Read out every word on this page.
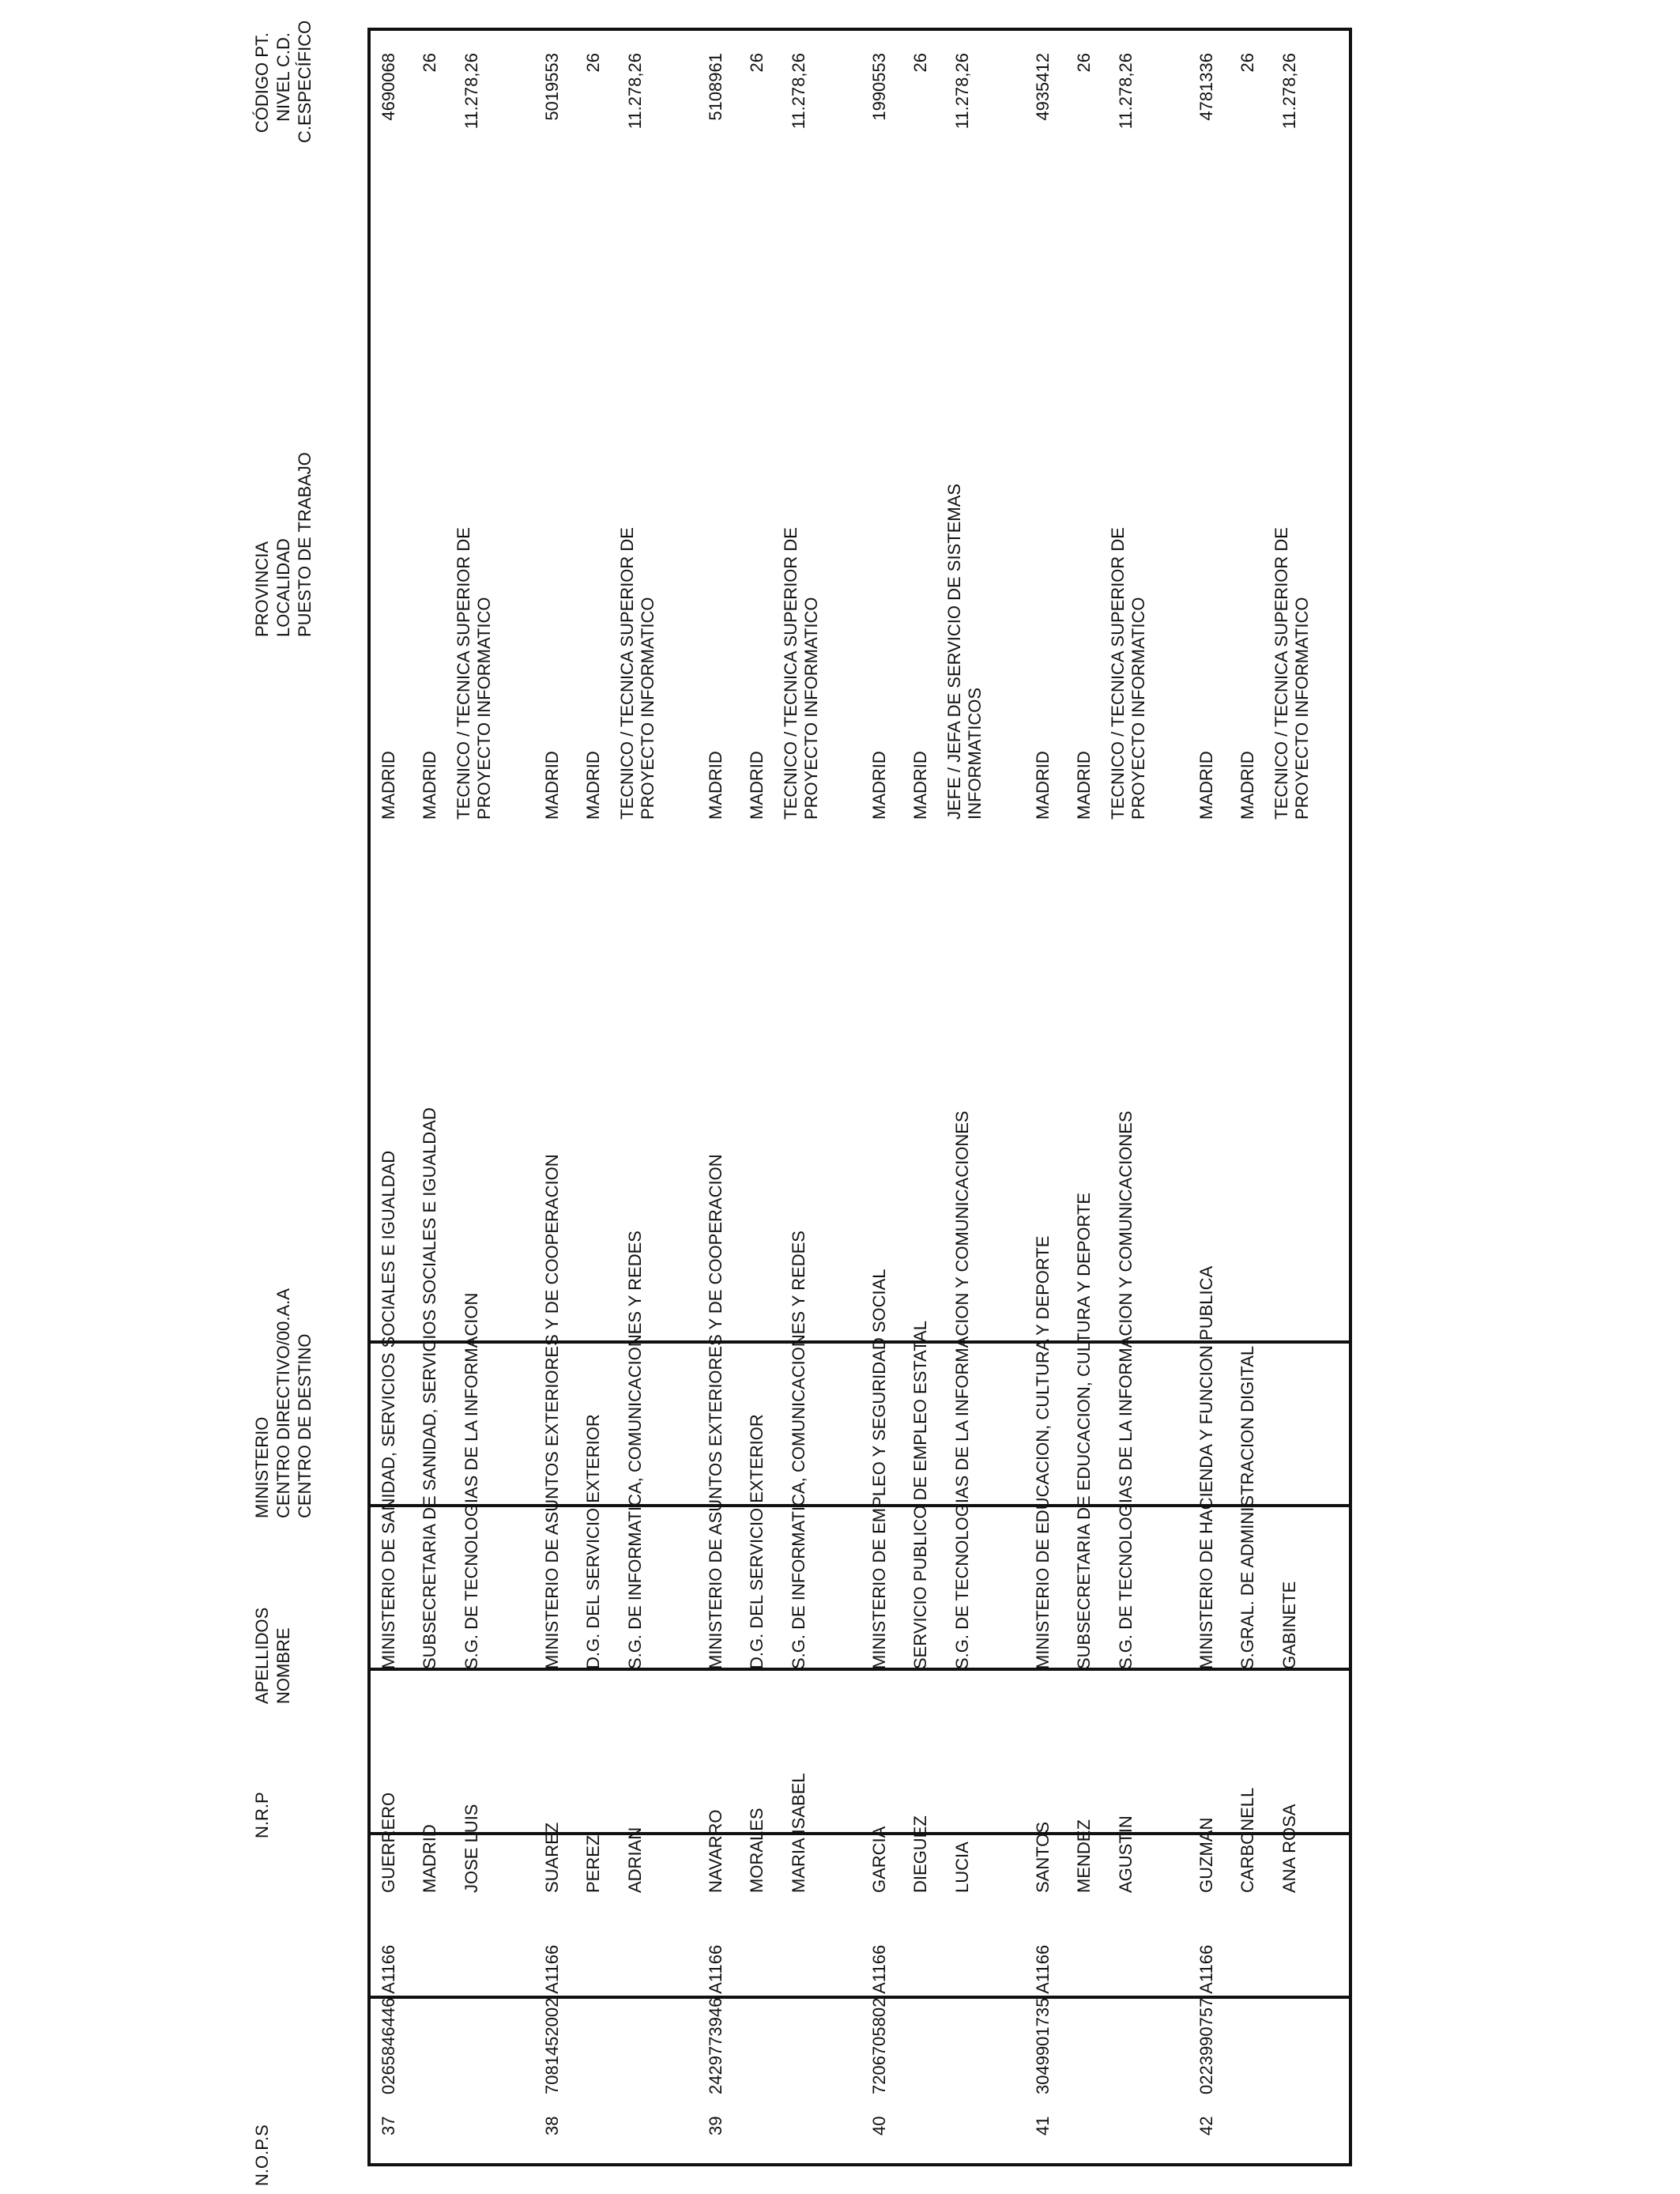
N.O.P.S
N.R.P
APELLIDOS NOMBRE
MINISTERIO CENTRO DIRECTIVO/00.A.A CENTRO DE DESTINO
PROVINCIA LOCALIDAD PUESTO DE TRABAJO
CÓDIGO PT. NIVEL C.D. C.ESPECÍFICO
37
0265846446 A1166
GUERRERO MADRID JOSE LUIS
MINISTERIO DE SANIDAD, SERVICIOS SOCIALES E IGUALDAD SUBSECRETARIA DE SANIDAD, SERVICIOS SOCIALES E IGUALDAD S.G. DE TECNOLOGIAS DE LA INFORMACION
MADRID MADRID TECNICO / TECNICA SUPERIOR DE PROYECTO INFORMATICO
4690068 26 11.278,26
38
7081452002 A1166
SUAREZ PEREZ ADRIAN
MINISTERIO DE ASUNTOS EXTERIORES Y DE COOPERACION D.G. DEL SERVICIO EXTERIOR S.G. DE INFORMATICA, COMUNICACIONES Y REDES
MADRID MADRID TECNICO / TECNICA SUPERIOR DE PROYECTO INFORMATICO
5019553 26 11.278,26
39
2429773946 A1166
NAVARRO MORALES MARIA ISABEL
MINISTERIO DE ASUNTOS EXTERIORES Y DE COOPERACION D.G. DEL SERVICIO EXTERIOR S.G. DE INFORMATICA, COMUNICACIONES Y REDES
MADRID MADRID TECNICO / TECNICA SUPERIOR DE PROYECTO INFORMATICO
5108961 26 11.278,26
40
7206705802 A1166
GARCIA DIEGUEZ LUCIA
MINISTERIO DE EMPLEO Y SEGURIDAD SOCIAL SERVICIO PUBLICO DE EMPLEO ESTATAL S.G. DE TECNOLOGIAS DE LA INFORMACION Y COMUNICACIONES
MADRID MADRID JEFE / JEFA DE SERVICIO DE SISTEMAS INFORMATICOS
1990553 26 11.278,26
41
3049901735 A1166
SANTOS MENDEZ AGUSTIN
MINISTERIO DE EDUCACION, CULTURA Y DEPORTE SUBSECRETARIA DE EDUCACION, CULTURA Y DEPORTE S.G. DE TECNOLOGIAS DE LA INFORMACION Y COMUNICACIONES
MADRID MADRID TECNICO / TECNICA SUPERIOR DE PROYECTO INFORMATICO
4935412 26 11.278,26
42
0223990757 A1166
GUZMAN CARBONELL ANA ROSA
MINISTERIO DE HACIENDA Y FUNCION PUBLICA S.GRAL. DE ADMINISTRACION DIGITAL GABINETE
MADRID MADRID TECNICO / TECNICA SUPERIOR DE PROYECTO INFORMATICO
4781336 26 11.278,26
